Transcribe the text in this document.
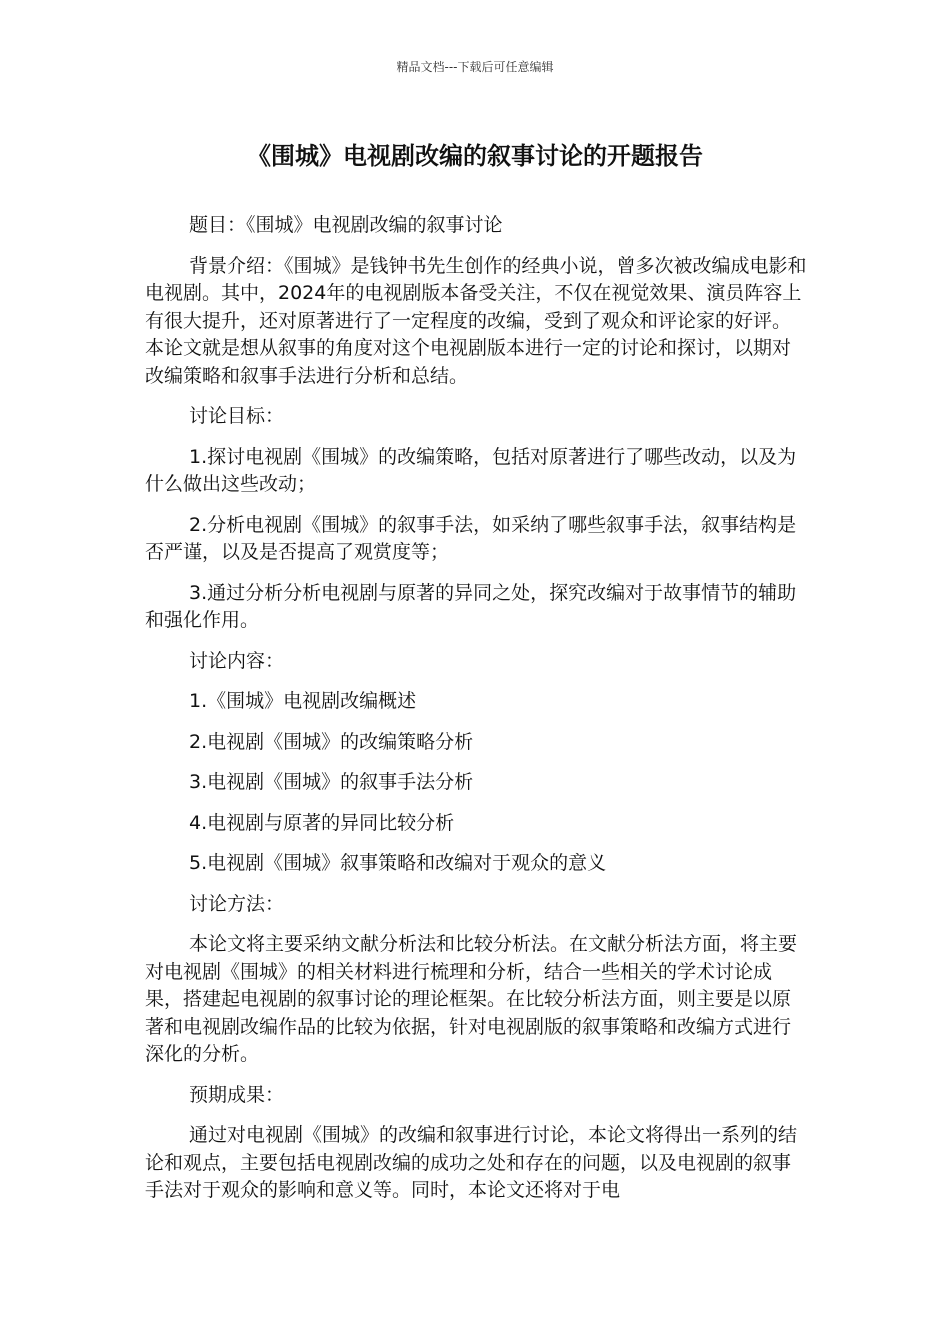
精品文档---下载后可任意编辑
《围城》电视剧改编的叙事讨论的开题报告

题目：《围城》电视剧改编的叙事讨论

背景介绍：《围城》是钱钟书先生创作的经典小说，曾多次被改编成电影和电视剧。其中，2024年的电视剧版本备受关注，不仅在视觉效果、演员阵容上有很大提升，还对原著进行了一定程度的改编，受到了观众和评论家的好评。本论文就是想从叙事的角度对这个电视剧版本进行一定的讨论和探讨，以期对改编策略和叙事手法进行分析和总结。

讨论目标：

1.探讨电视剧《围城》的改编策略，包括对原著进行了哪些改动，以及为什么做出这些改动；

2.分析电视剧《围城》的叙事手法，如采纳了哪些叙事手法，叙事结构是否严谨，以及是否提高了观赏度等；

3.通过分析分析电视剧与原著的异同之处，探究改编对于故事情节的辅助和强化作用。

讨论内容：

1.《围城》电视剧改编概述

2.电视剧《围城》的改编策略分析

3.电视剧《围城》的叙事手法分析

4.电视剧与原著的异同比较分析

5.电视剧《围城》叙事策略和改编对于观众的意义

讨论方法：

本论文将主要采纳文献分析法和比较分析法。在文献分析法方面，将主要对电视剧《围城》的相关材料进行梳理和分析，结合一些相关的学术讨论成果，搭建起电视剧的叙事讨论的理论框架。在比较分析法方面，则主要是以原著和电视剧改编作品的比较为依据，针对电视剧版的叙事策略和改编方式进行深化的分析。

预期成果：

通过对电视剧《围城》的改编和叙事进行讨论，本论文将得出一系列的结论和观点，主要包括电视剧改编的成功之处和存在的问题，以及电视剧的叙事手法对于观众的影响和意义等。同时，本论文还将对于电
